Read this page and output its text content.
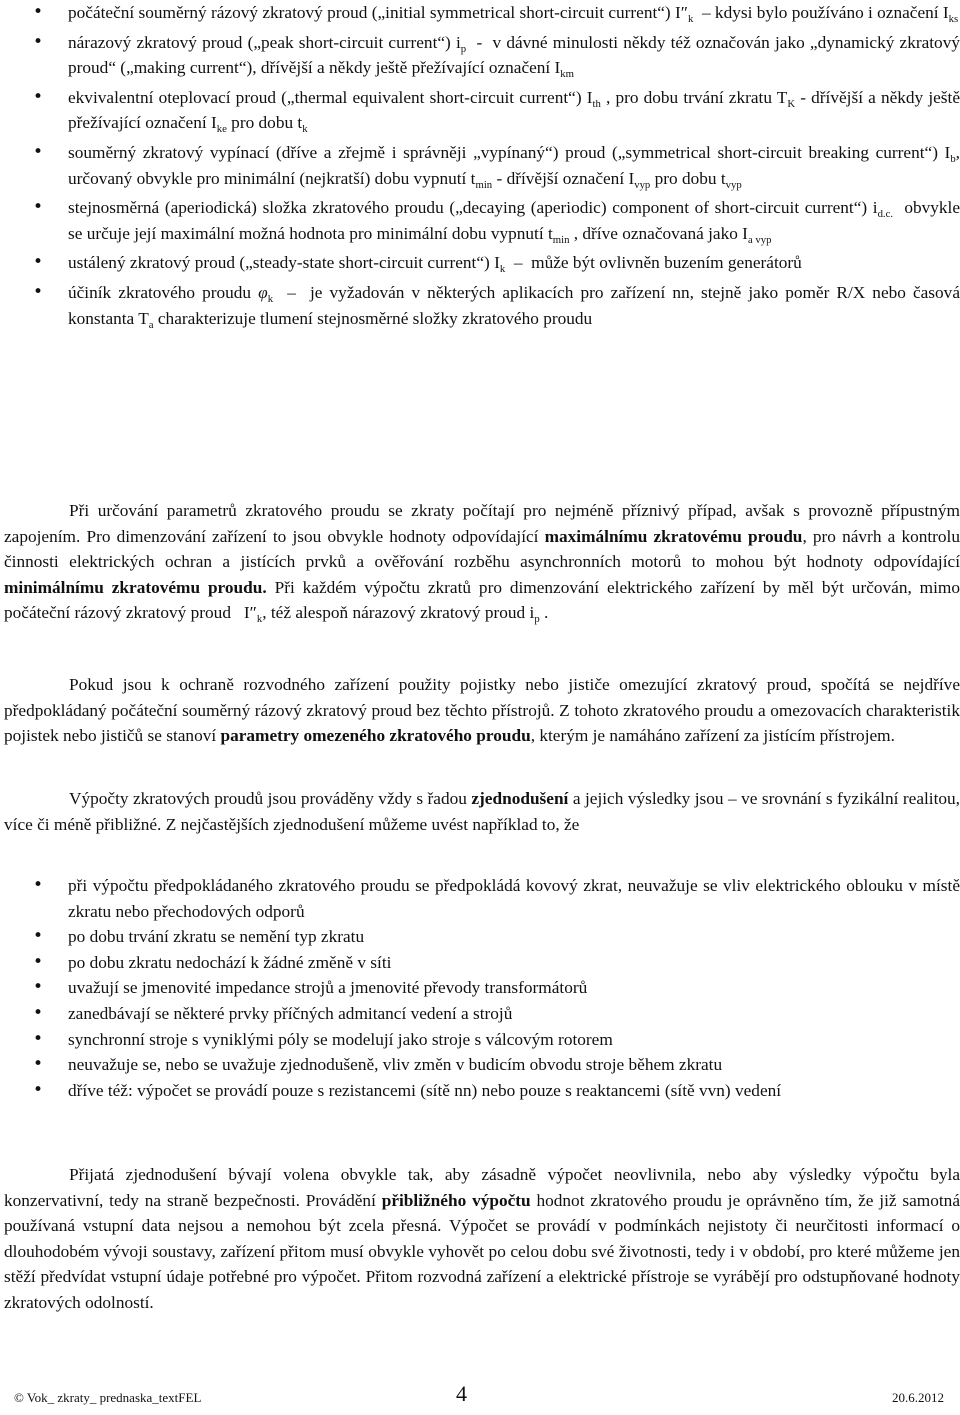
• počáteční souměrný rázový zkratový proud („initial symmetrical short-circuit current“) $I''_k$  – kdysi bylo používáno i označení $I_{ks}$
• nárazový zkratový proud („peak short-circuit current“) $i_p$  -  v dávné minulosti někdy též označován jako „dynamický zkratový proud“ („making current“), dřívější a někdy ještě přežívající označení $I_{km}$
• ekvivalentní oteplovací proud („thermal equivalent short-circuit current“) $I_{th}$ , pro dobu trvání zkratu $T_K$ - dřívější a někdy ještě přežívající označení $I_{ke}$ pro dobu $t_k$
• souměrný zkratový vypínací (dříve a zřejmě i správněji „vypínaný“) proud („symmetrical short-circuit breaking current“) $I_b$, určovaný obvykle pro minimální (nejkratší) dobu vypnutí $t_{min}$ - dřívější označení $I_{vyp}$ pro dobu $t_{vyp}$
• stejnosměrná (aperiodická) složka zkratového proudu („decaying (aperiodic) component of short-circuit current“) $i_{d.c.}$  obvykle se určuje její maximální možná hodnota pro minimální dobu vypnutí $t_{min}$ , dříve označovaná jako $I_{a vyp}$
• ustálený zkratový proud („steady-state short-circuit current“) $I_k$  –  může být ovlivněn buzením generátorů
• účiník zkratového proudu $\varphi_k$  –  je vyžadován v některých aplikacích pro zařízení nn, stejně jako poměr R/X nebo časová konstanta $T_a$ charakterizuje tlumení stejnosměrné složky zkratového proudu

Při určování parametrů zkratového proudu se zkraty počítají pro nejméně příznivý případ, avšak s provozně přípustným zapojením. Pro dimenzování zařízení to jsou obvykle hodnoty odpovídající maximálnímu zkratovému proudu, pro návrh a kontrolu činnosti elektrických ochran a jistících prvků a ověřování rozběhu asynchronních motorů to mohou být hodnoty odpovídající minimálnímu zkratovému proudu. Při každém výpočtu zkratů pro dimenzování elektrického zařízení by měl být určován, mimo počáteční rázový zkratový proud   $I''_k$, též alespoň nárazový zkratový proud $i_p$ .

Pokud jsou k ochraně rozvodného zařízení použity pojistky nebo jističe omezující zkratový proud, spočítá se nejdříve předpokládaný počáteční souměrný rázový zkratový proud bez těchto přístrojů. Z tohoto zkratového proudu a omezovacích charakteristik pojistek nebo jističů se stanoví parametry omezeného zkratového proudu, kterým je namáháno zařízení za jistícím přístrojem.

Výpočty zkratových proudů jsou prováděny vždy s řadou zjednodušení a jejich výsledky jsou – ve srovnání s fyzikální realitou, více či méně přibližné. Z nejčastějších zjednodušení můžeme uvést například to, že

• při výpočtu předpokládaného zkratového proudu se předpokládá kovový zkrat, neuvažuje se vliv elektrického oblouku v místě zkratu nebo přechodových odporů
• po dobu trvání zkratu se nemění typ zkratu
• po dobu zkratu nedochází k žádné změně v síti
• uvažují se jmenovité impedance strojů a jmenovité převody transformátorů
• zanedbávají se některé prvky příčných admitancí vedení a strojů
• synchronní stroje s vyniklými póly se modelují jako stroje s válcovým rotorem
• neuvažuje se, nebo se uvažuje zjednodušeně, vliv změn v budicím obvodu stroje během zkratu
• dříve též: výpočet se provádí pouze s rezistancemi (sítě nn) nebo pouze s reaktancemi (sítě vvn) vedení

Přijatá zjednodušení bývají volena obvykle tak, aby zásadně výpočet neovlivnila, nebo aby výsledky výpočtu byla konzervativní, tedy na straně bezpečnosti. Provádění přibližného výpočtu hodnot zkratového proudu je oprávněno tím, že již samotná používaná vstupní data nejsou a nemohou být zcela přesná. Výpočet se provádí v podmínkách nejistoty či neurčitosti informací o dlouhodobém vývoji soustavy, zařízení přitom musí obvykle vyhovět po celou dobu své životnosti, tedy i v období, pro které můžeme jen stěží předvídat vstupní údaje potřebné pro výpočet. Přitom rozvodná zařízení a elektrické přístroje se vyrábějí pro odstupňované hodnoty zkratových odolností.

© Vok_ zkraty_ prednaska_textFEL	4	20.6.2012
